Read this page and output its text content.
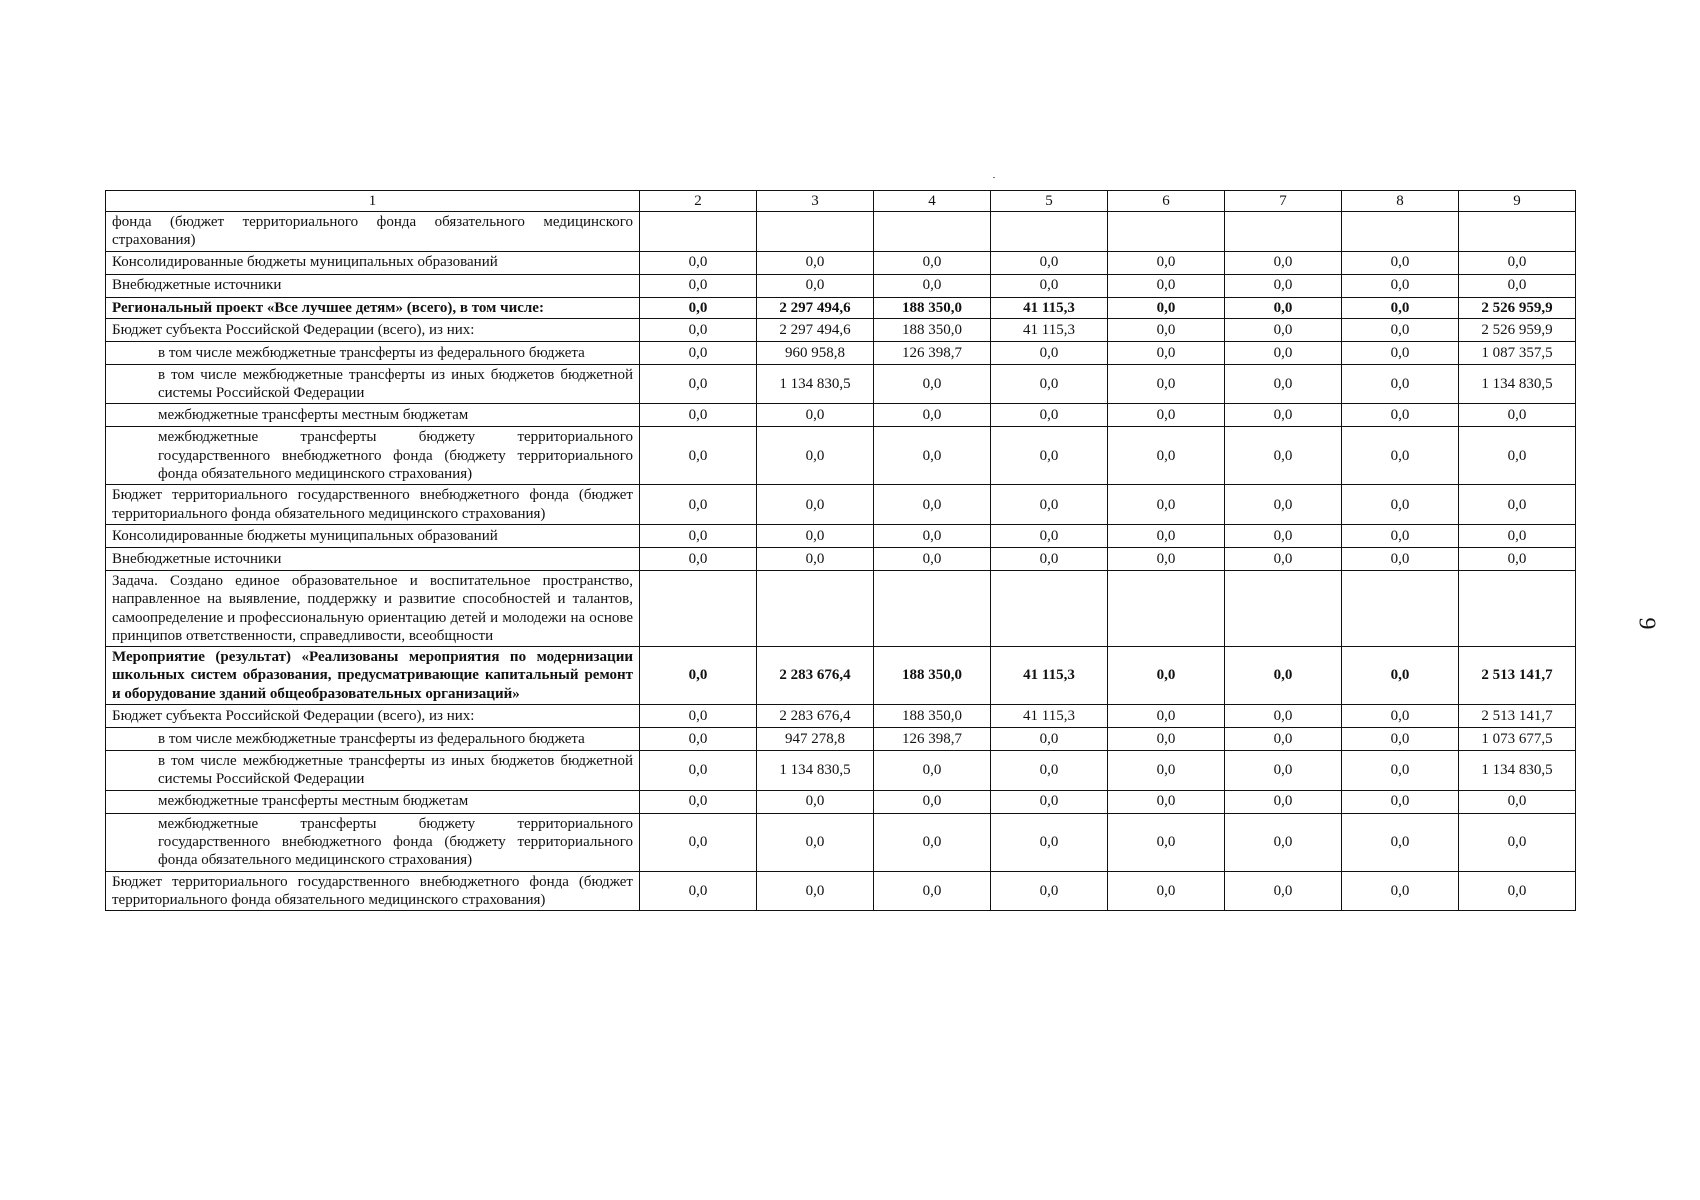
1	2	3	4	5	6	7	8	9
фонда (бюджет территориального фонда обязательного медицинского страхования)								
Консолидированные бюджеты муниципальных образований	0,0	0,0	0,0	0,0	0,0	0,0	0,0	0,0
Внебюджетные источники	0,0	0,0	0,0	0,0	0,0	0,0	0,0	0,0
Региональный проект «Все лучшее детям» (всего), в том числе:	0,0	2 297 494,6	188 350,0	41 115,3	0,0	0,0	0,0	2 526 959,9
Бюджет субъекта Российской Федерации (всего), из них:	0,0	2 297 494,6	188 350,0	41 115,3	0,0	0,0	0,0	2 526 959,9
в том числе межбюджетные трансферты из федерального бюджета	0,0	960 958,8	126 398,7	0,0	0,0	0,0	0,0	1 087 357,5
в том числе межбюджетные трансферты из иных бюджетов бюджетной системы Российской Федерации	0,0	1 134 830,5	0,0	0,0	0,0	0,0	0,0	1 134 830,5
межбюджетные трансферты местным бюджетам	0,0	0,0	0,0	0,0	0,0	0,0	0,0	0,0
межбюджетные трансферты бюджету территориального государственного внебюджетного фонда (бюджету территориального фонда обязательного медицинского страхования)	0,0	0,0	0,0	0,0	0,0	0,0	0,0	0,0
Бюджет территориального государственного внебюджетного фонда (бюджет территориального фонда обязательного медицинского страхования)	0,0	0,0	0,0	0,0	0,0	0,0	0,0	0,0
Консолидированные бюджеты муниципальных образований	0,0	0,0	0,0	0,0	0,0	0,0	0,0	0,0
Внебюджетные источники	0,0	0,0	0,0	0,0	0,0	0,0	0,0	0,0
Задача. Создано единое образовательное и воспитательное пространство, направленное на выявление, поддержку и развитие способностей и талантов, самоопределение и профессиональную ориентацию детей и молодежи на основе принципов ответственности, справедливости, всеобщности								
Мероприятие (результат) «Реализованы мероприятия по модернизации школьных систем образования, предусматривающие капитальный ремонт и оборудование зданий общеобразовательных организаций»	0,0	2 283 676,4	188 350,0	41 115,3	0,0	0,0	0,0	2 513 141,7
Бюджет субъекта Российской Федерации (всего), из них:	0,0	2 283 676,4	188 350,0	41 115,3	0,0	0,0	0,0	2 513 141,7
в том числе межбюджетные трансферты из федерального бюджета	0,0	947 278,8	126 398,7	0,0	0,0	0,0	0,0	1 073 677,5
в том числе межбюджетные трансферты из иных бюджетов бюджетной системы Российской Федерации	0,0	1 134 830,5	0,0	0,0	0,0	0,0	0,0	1 134 830,5
межбюджетные трансферты местным бюджетам	0,0	0,0	0,0	0,0	0,0	0,0	0,0	0,0
межбюджетные трансферты бюджету территориального государственного внебюджетного фонда (бюджету территориального фонда обязательного медицинского страхования)	0,0	0,0	0,0	0,0	0,0	0,0	0,0	0,0
Бюджет территориального государственного внебюджетного фонда (бюджет территориального фонда обязательного медицинского страхования)	0,0	0,0	0,0	0,0	0,0	0,0	0,0	0,0
9
